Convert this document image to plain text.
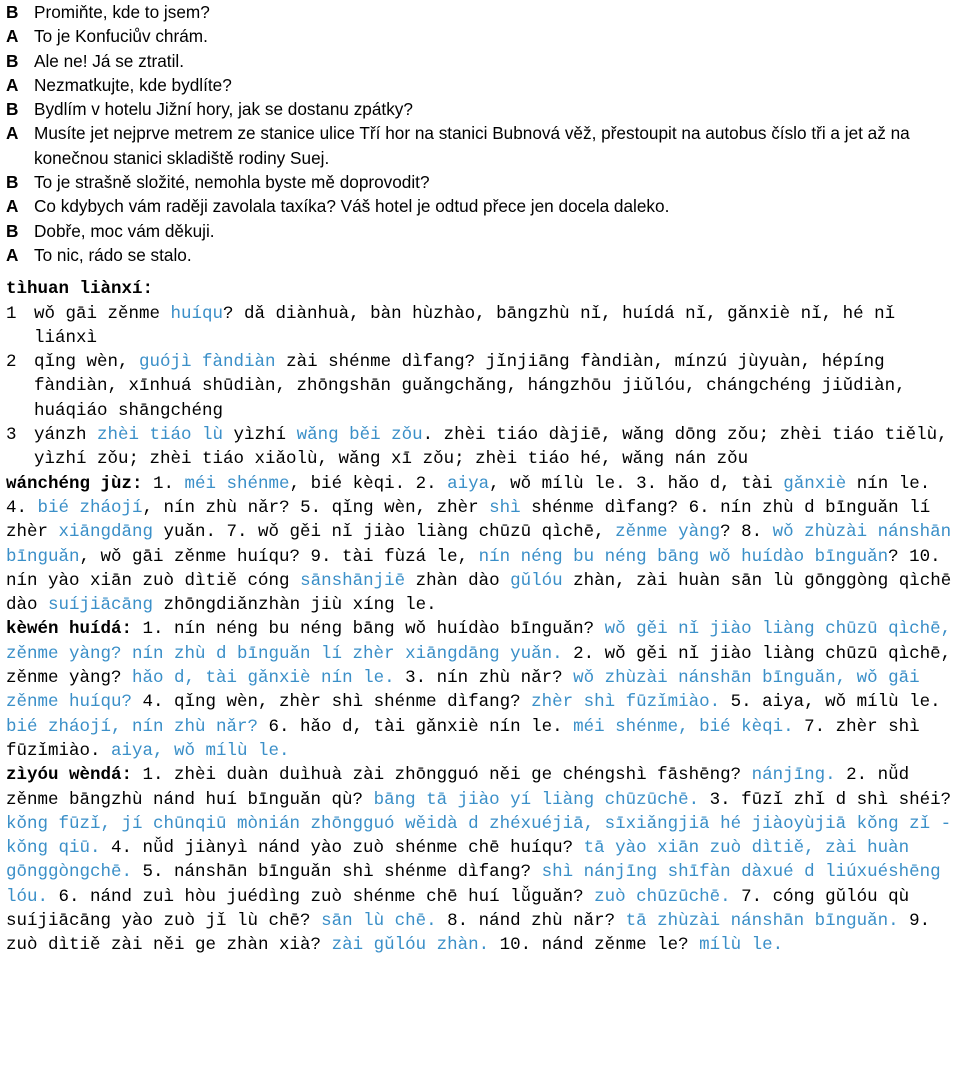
B Promiňte, kde to jsem?
A To je Konfuciův chrám.
B Ale ne! Já se ztratil.
A Nezmatkujte, kde bydlíte?
B Bydlím v hotelu Jižní hory, jak se dostanu zpátky?
A Musíte jet nejprve metrem ze stanice ulice Tří hor na stanici Bubnová věž, přestoupit na autobus číslo tři a jet až na konečnou stanici skladiště rodiny Suej.
B To je strašně složité, nemohla byste mě doprovodit?
A Co kdybych vám raději zavolala taxíka? Váš hotel je odtud přece jen docela daleko.
B Dobře, moc vám děkuji.
A To nic, rádo se stalo.
tìhuan liànxí:
1 wǒ gāi zěnme huíqu? dǎ diànhuà, bàn hùzhào, bāngzhù nǐ, huídá nǐ, gǎnxiè nǐ, hé nǐ liánxì
2 qǐng wèn, guójì fàndiàn zài shénme dìfang? jǐnjiāng fàndiàn, mínzú jùyuàn, hépíng fàndiàn, xīnhuá shūdiàn, zhōngshān guǎngchǎng, hángzhōu jiǔlóu, chángchéng jiǔdiàn, huáqiáo shāngchéng
3 yánzh zhèi tiáo lù yìzhí wǎng běi zǒu. zhèi tiáo dàjiē, wǎng dōng zǒu; zhèi tiáo tiělù, yìzhí zǒu; zhèi tiáo xiǎolù, wǎng xī zǒu; zhèi tiáo hé, wǎng nán zǒu
wánchéng jùz: 1. méi shénme, bié kèqi. 2. aiya, wǒ mílù le. 3. hǎo d, tài gǎnxiè nín le. 4. bié zháojí, nín zhù nǎr? 5. qǐng wèn, zhèr shì shénme dìfang? 6. nín zhù d bīnguǎn lí zhèr xiāngdāng yuǎn. 7. wǒ gěi nǐ jiào liàng chūzū qìchē, zěnme yàng? 8. wǒ zhùzài nánshān bīnguǎn, wǒ gāi zěnme huíqu? 9. tài fùzá le, nín néng bu néng bāng wǒ huídào bīnguǎn? 10. nín yào xiān zuò dìtiě cóng sānshānjiē zhàn dào gǔlóu zhàn, zài huàn sān lù gōnggòng qìchē dào suíjiācāng zhōngdiǎnzhàn jiù xíng le.
kèwén huídá: 1. nín néng bu néng bāng wǒ huídào bīnguǎn? wǒ gěi nǐ jiào liàng chūzū qìchē, zěnme yàng? nín zhù d bīnguǎn lí zhèr xiāngdāng yuǎn. 2. wǒ gěi nǐ jiào liàng chūzū qìchē, zěnme yàng? hǎo d, tài gǎnxiè nín le. 3. nín zhù nǎr? wǒ zhùzài nánshān bīnguǎn, wǒ gāi zěnme huíqu? 4. qǐng wèn, zhèr shì shénme dìfang? zhèr shì fūzǐmiào. 5. aiya, wǒ mílù le. bié zháojí, nín zhù nǎr? 6. hǎo d, tài gǎnxiè nín le. méi shénme, bié kèqi. 7. zhèr shì fūzǐmiào. aiya, wǒ mílù le.
zìyóu wèndá: 1. zhèi duàn duìhuà zài zhōngguó něi ge chéngshì fāshēng? nánjīng. 2. nǚd zěnme bāngzhù nánd huí bīnguǎn qù? bāng tā jiào yí liàng chūzūchē. 3. fūzǐ zhǐ d shì shéi? kǒng fūzǐ, jí chūnqiū mònián zhōngguó wěidà d zhéxuéjiā, sīxiǎngjiā hé jiàoyùjiā kǒng zǐ - kǒng qiū. 4. nǚd jiànyì nánd yào zuò shénme chē huíqu? tā yào xiān zuò dìtiě, zài huàn gōnggòngchē. 5. nánshān bīnguǎn shì shénme dìfang? shì nánjīng shīfàn dàxué d liúxuéshēng lóu. 6. nánd zuì hòu juédìng zuò shénme chē huí lǚguǎn? zuò chūzūchē. 7. cóng gǔlóu qù suíjiācāng yào zuò jǐ lù chē? sān lù chē. 8. nánd zhù nǎr? tā zhùzài nánshān bīnguǎn. 9. zuò dìtiě zài něi ge zhàn xià? zài gǔlóu zhàn. 10. nánd zěnme le? mílù le.
